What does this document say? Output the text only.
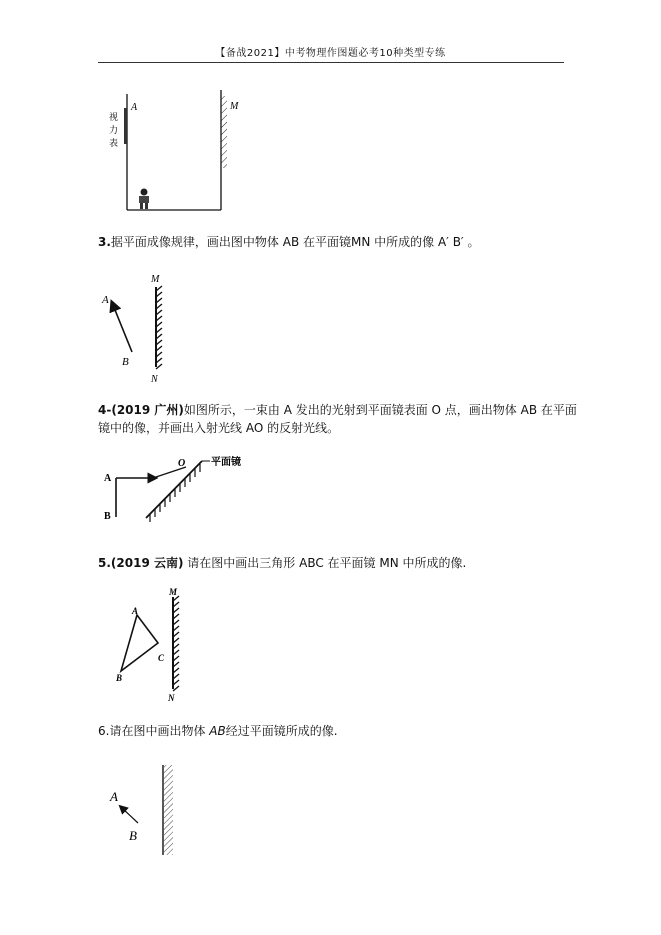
【备战2021】中考物理作图题必考10种类型专练
A	M
视
力
表
3.据平面成像规律，画出图中物体 AB 在平面镜MN 中所成的像 A′ B′ 。
A
B
M
N
4-(2019 广州)如图所示，一束由 A 发出的光射到平面镜表面 O 点，画出物体 AB 在平面
镜中的像，并画出入射光线 AO 的反射光线。
A
B
O	平面镜
5.(2019 云南) 请在图中画出三角形 ABC 在平面镜 MN 中所成的像.
A
B
C
M
N
6.请在图中画出物体 AB经过平面镜所成的像.
A
B
